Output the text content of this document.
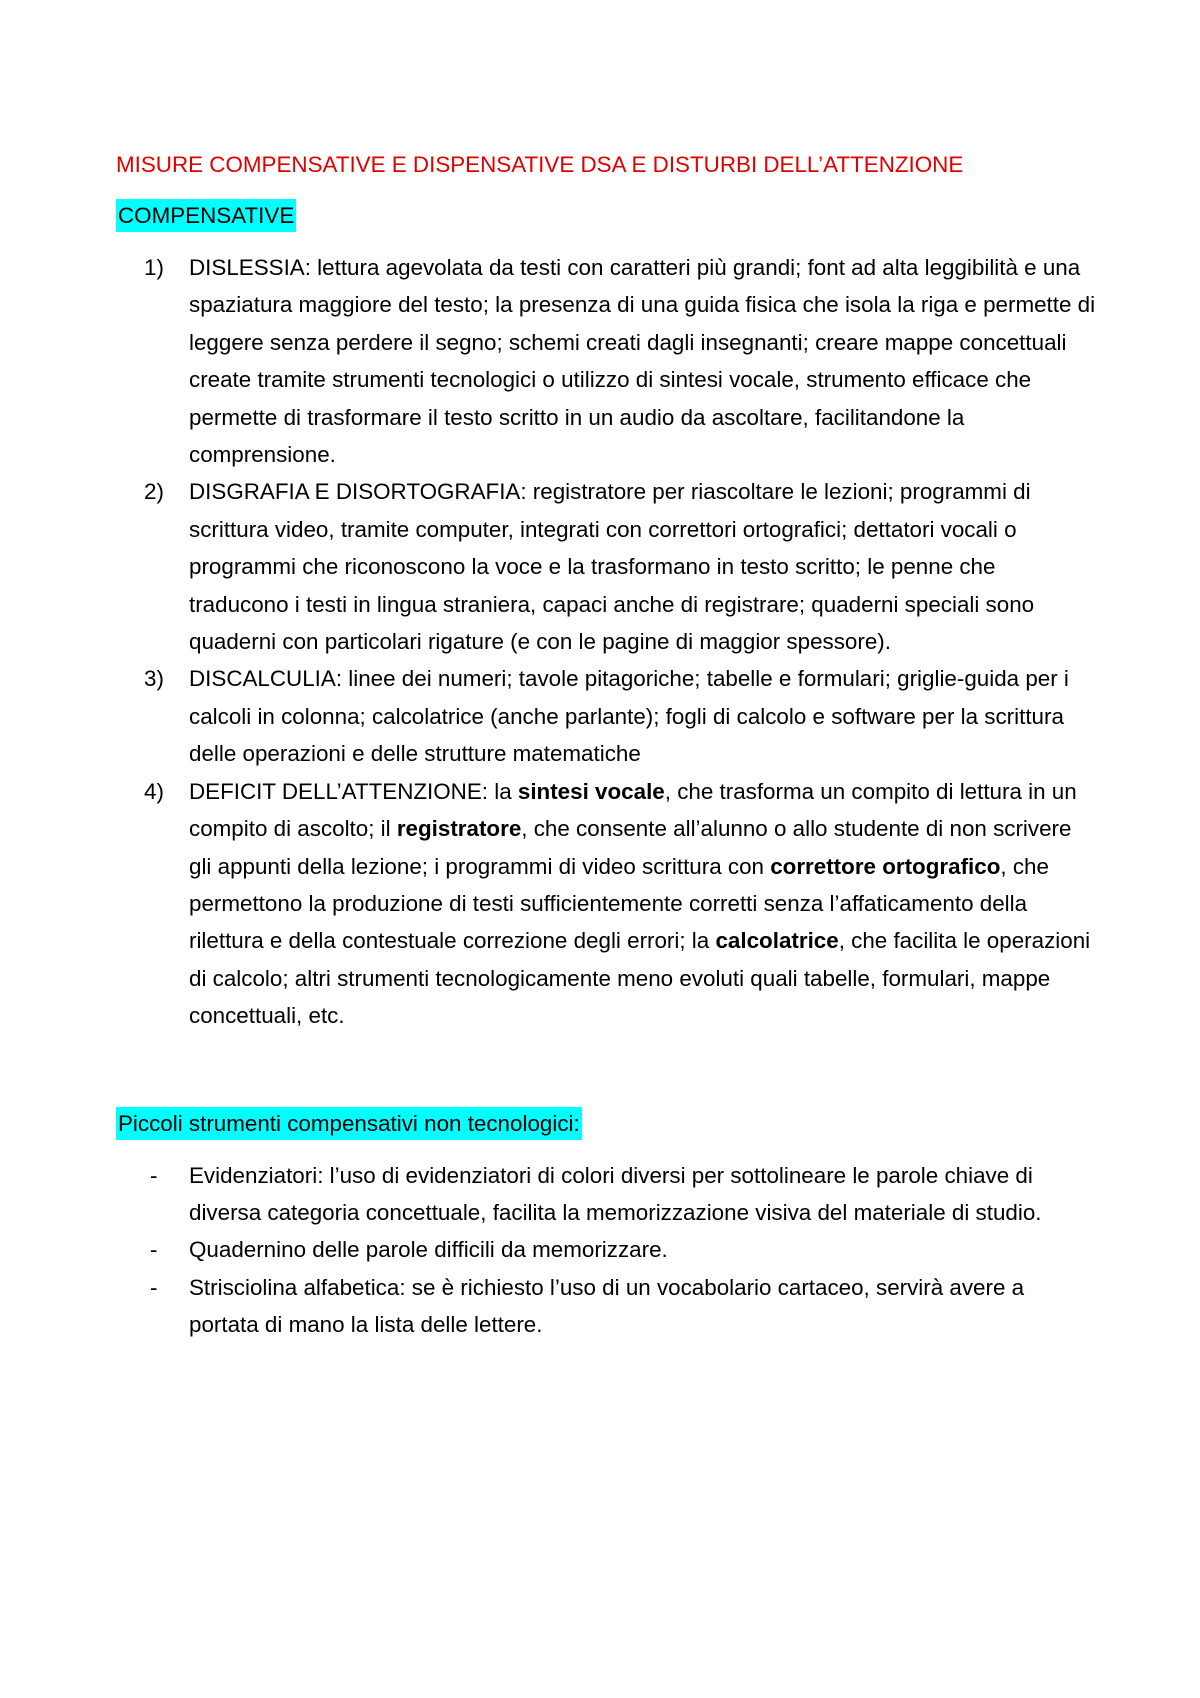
MISURE COMPENSATIVE E DISPENSATIVE DSA E DISTURBI DELL’ATTENZIONE

COMPENSATIVE
1) DISLESSIA: lettura agevolata da testi con caratteri più grandi; font ad alta leggibilità e una spaziatura maggiore del testo; la presenza di una guida fisica che isola la riga e permette di leggere senza perdere il segno; schemi creati dagli insegnanti; creare mappe concettuali create tramite strumenti tecnologici o utilizzo di sintesi vocale, strumento efficace che permette di trasformare il testo scritto in un audio da ascoltare, facilitandone la comprensione.
2) DISGRAFIA E DISORTOGRAFIA: registratore per riascoltare le lezioni; programmi di scrittura video, tramite computer, integrati con correttori ortografici; dettatori vocali o programmi che riconoscono la voce e la trasformano in testo scritto; le penne che traducono i testi in lingua straniera, capaci anche di registrare; quaderni speciali sono quaderni con particolari rigature (e con le pagine di maggior spessore).
3) DISCALCULIA: linee dei numeri; tavole pitagoriche; tabelle e formulari; griglie-guida per i calcoli in colonna; calcolatrice (anche parlante); fogli di calcolo e software per la scrittura delle operazioni e delle strutture matematiche
4) DEFICIT DELL’ATTENZIONE: la sintesi vocale, che trasforma un compito di lettura in un compito di ascolto; il registratore, che consente all’alunno o allo studente di non scrivere gli appunti della lezione; i programmi di video scrittura con correttore ortografico, che permettono la produzione di testi sufficientemente corretti senza l’affaticamento della rilettura e della contestuale correzione degli errori; la calcolatrice, che facilita le operazioni di calcolo; altri strumenti tecnologicamente meno evoluti quali tabelle, formulari, mappe concettuali, etc.
Piccoli strumenti compensativi non tecnologici:
- Evidenziatori: l’uso di evidenziatori di colori diversi per sottolineare le parole chiave di diversa categoria concettuale, facilita la memorizzazione visiva del materiale di studio.
- Quadernino delle parole difficili da memorizzare.
- Strisciolina alfabetica: se è richiesto l’uso di un vocabolario cartaceo, servirà avere a portata di mano la lista delle lettere.
